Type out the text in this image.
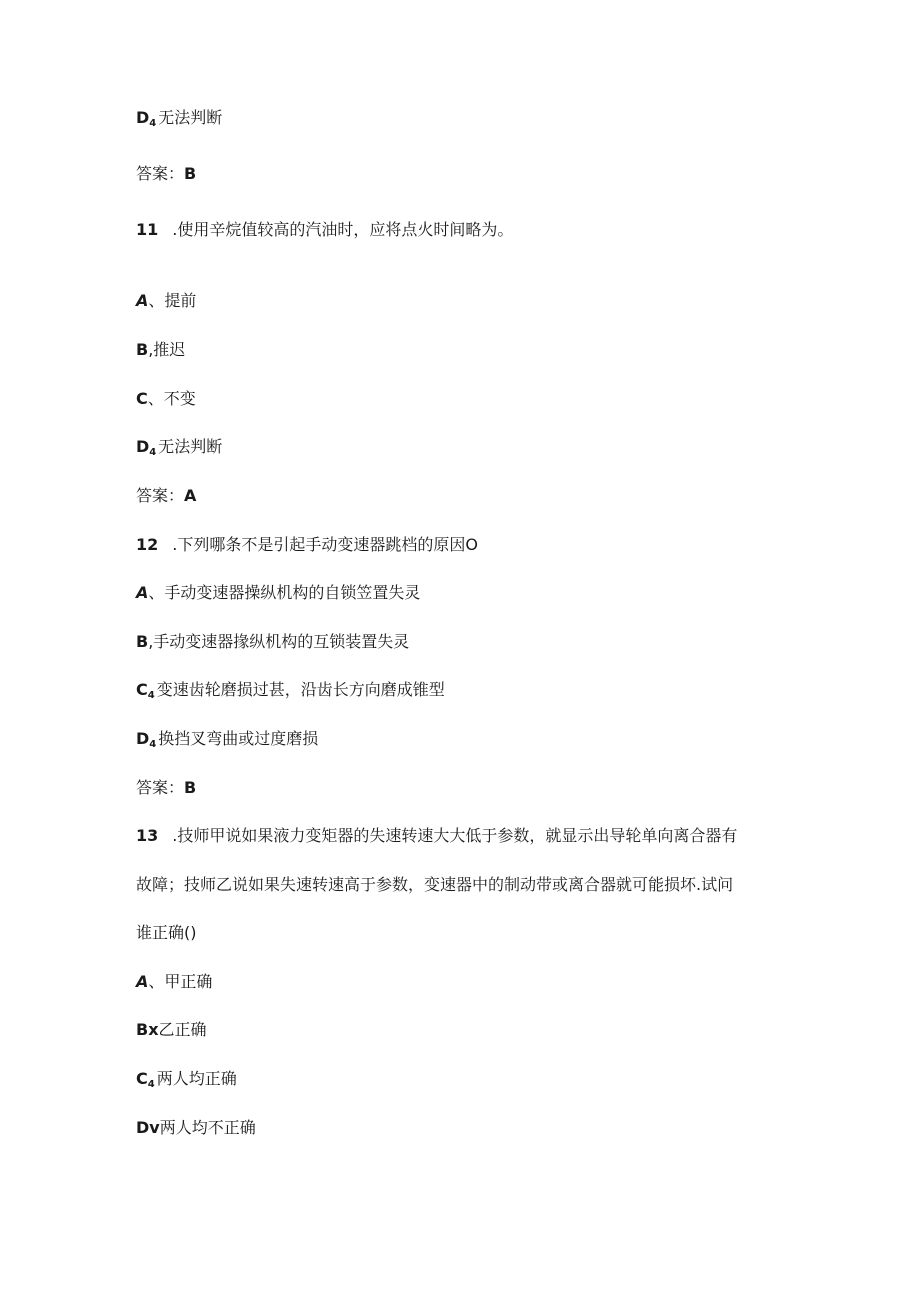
$D_4$ 无法判断
答案：B
11 .使用辛烷值较高的汽油时，应将点火时间略为。
A、提前
B,推迟
C、不变
$D_4$ 无法判断
答案：A
12 .下列哪条不是引起手动变速器跳档的原因O
A、手动变速器操纵机构的自锁笠置失灵
B,手动变速器掾纵机构的互锁装置失灵
$C_4$ 变速齿轮磨损过甚，沿齿长方向磨成锥型
$D_4$ 换挡叉弯曲或过度磨损
答案：B
13 .技师甲说如果液力变矩器的失速转速大大低于参数，就显示出导轮单向离合器有
故障；技师乙说如果失速转速高于参数，变速器中的制动带或离合器就可能损坏.试问
谁正确()
A、甲正确
Bx乙正确
$C_4$ 两人均正确
Dv两人均不正确
